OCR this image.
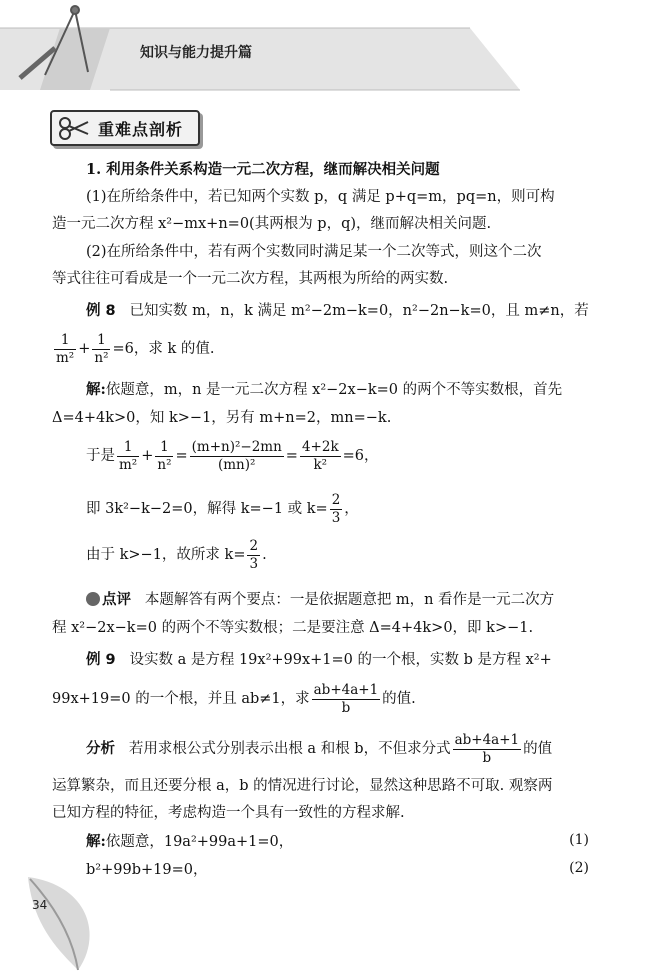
知识与能力提升篇
重难点剖析
1. 利用条件关系构造一元二次方程，继而解决相关问题
(1)在所给条件中，若已知两个实数 p，q 满足 p+q=m，pq=n，则可构
造一元二次方程 x²−mx+n=0(其两根为 p，q)，继而解决相关问题.
(2)在所给条件中，若有两个实数同时满足某一个二次等式，则这个二次
等式往往可看成是一个一元二次方程，其两根为所给的两实数.
例 8 已知实数 m，n，k 满足 m²−2m−k=0，n²−2n−k=0，且 m≠n，若
$\frac{1}{\text{m²}} + \frac{1}{\text{n²}} =6$，求 k 的值.
解:依题意，m，n 是一元二次方程 x²−2x−k=0 的两个不等实数根，首先
Δ=4+4k>0，知 k>−1，另有 m+n=2，mn=−k.
于是 $\frac{1}{\text{m²}} + \frac{1}{\text{n²}} = \frac{\text{(m+n)²−2mn}}{\text{(mn)²}} = \frac{4+2k}{\text{k²}} =6$，
即 3k²−k−2=0，解得 k=−1 或 $k= \frac{2}{3}$ ，
由于 k>−1，故所求 $k= \frac{2}{3}$ .
点评 本题解答有两个要点：一是依据题意把 m，n 看作是一元二次方
程 x²−2x−k=0 的两个不等实数根；二是要注意 Δ=4+4k>0，即 k>−1.
例 9 设实数 a 是方程 19x²+99x+1=0 的一个根，实数 b 是方程 x²+
99x+19=0 的一个根，并且 ab≠1，求 $\frac{ab+4a+1}{b}$ 的值.
分析 若用求根公式分别表示出根 a 和根 b，不但求分式 $\frac{ab+4a+1}{b}$ 的值
运算繁杂，而且还要分根 a，b 的情况进行讨论，显然这种思路不可取. 观察两
已知方程的特征，考虑构造一个具有一致性的方程求解.
解:依题意，19a²+99a+1=0，	(1)
b²+99b+19=0，	(2)
34
